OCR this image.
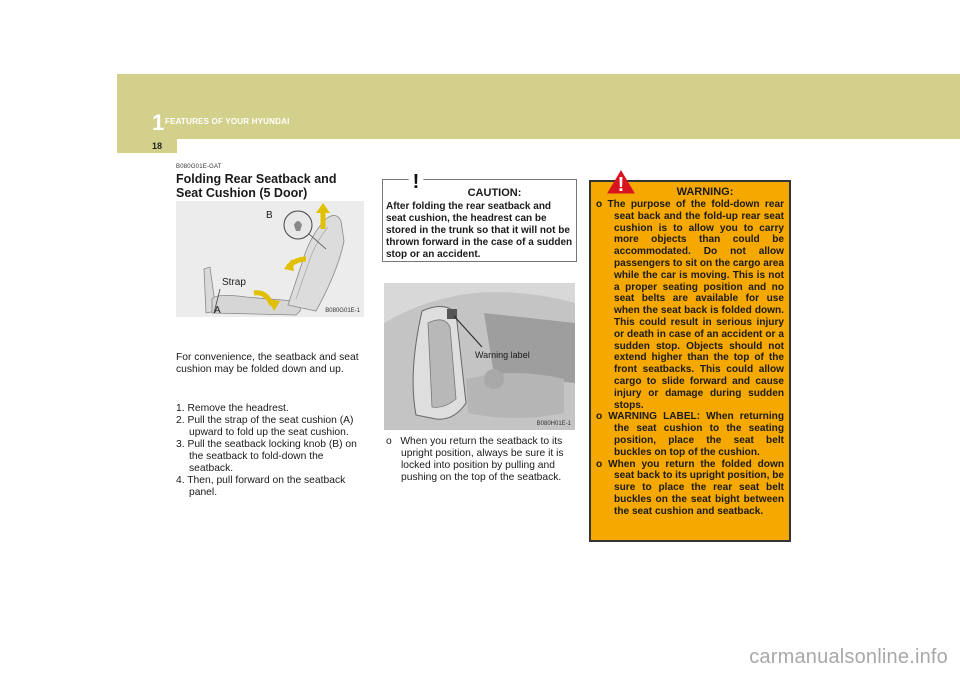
1 FEATURES OF YOUR HYUNDAI
18
B080G01E-GAT
Folding Rear Seatback and Seat Cushion (5 Door)
B
Strap
A	B080G01E-1
For convenience, the seatback and seat cushion may be folded down and up.
1. Remove the headrest.
2. Pull the strap of the seat cushion (A) upward to fold up the seat cushion.
3. Pull the seatback locking knob (B) on the seatback to fold-down the seatback.
4. Then, pull forward on the seatback panel.
!	CAUTION:
After folding the rear seatback and seat cushion, the headrest can be stored in the trunk so that it will not be thrown forward in the case of a sudden stop or an accident.
Warning label
B080H01E-1
o When you return the seatback to its upright position, always be sure it is locked into position by pulling and pushing on the top of the seatback.
!	WARNING:
o The purpose of the fold-down rear seat back and the fold-up rear seat cushion is to allow you to carry more objects than could be accommodated. Do not allow passengers to sit on the cargo area while the car is moving. This is not a proper seating position and no seat belts are available for use when the seat back is folded down. This could result in serious injury or death in case of an accident or a sudden stop. Objects should not extend higher than the top of the front seatbacks. This could allow cargo to slide forward and cause injury or damage during sudden stops.
o WARNING LABEL: When returning the seat cushion to the seating position, place the seat belt buckles on top of the cushion.
o When you return the folded down seat back to its upright position, be sure to place the rear seat belt buckles on the seat bight between the seat cushion and seatback.
carmanualsonline.info
